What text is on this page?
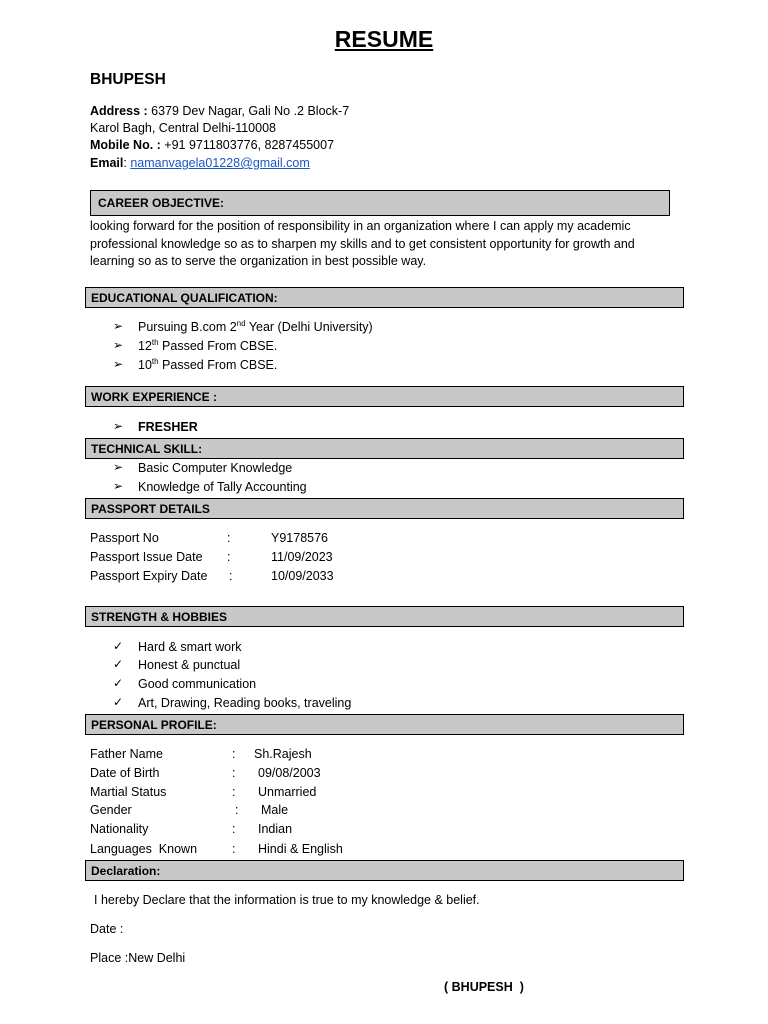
RESUME
BHUPESH
Address : 6379 Dev Nagar, Gali No .2 Block-7
Karol Bagh, Central Delhi-110008
Mobile No. : +91 9711803776, 8287455007
Email: namanvagela01228@gmail.com
CAREER OBJECTIVE:
looking forward for the position of responsibility in an organization where I can apply my academic professional knowledge so as to sharpen my skills and to get consistent opportunity for growth and learning so as to serve the organization in best possible way.
EDUCATIONAL QUALIFICATION:
➢ Pursuing B.com 2nd Year (Delhi University)
➢ 12th Passed From CBSE.
➢ 10th Passed From CBSE.
WORK EXPERIENCE :
➢ FRESHER
TECHNICAL SKILL:
➢ Basic Computer Knowledge
➢ Knowledge of Tally Accounting
PASSPORT DETAILS
Passport No	:	Y9178576
Passport Issue Date :	11/09/2023
Passport Expiry Date :	10/09/2033
STRENGTH & HOBBIES
✓ Hard & smart work
✓ Honest & punctual
✓ Good communication
✓ Art, Drawing, Reading books, traveling
PERSONAL PROFILE:
Father Name	: Sh.Rajesh
Date of Birth	: 09/08/2003
Martial Status	: Unmarried
Gender	: Male
Nationality	: Indian
Languages  Known	: Hindi & English
Declaration:
I hereby Declare that the information is true to my knowledge & belief.
Date :
Place :New Delhi
( BHUPESH  )
